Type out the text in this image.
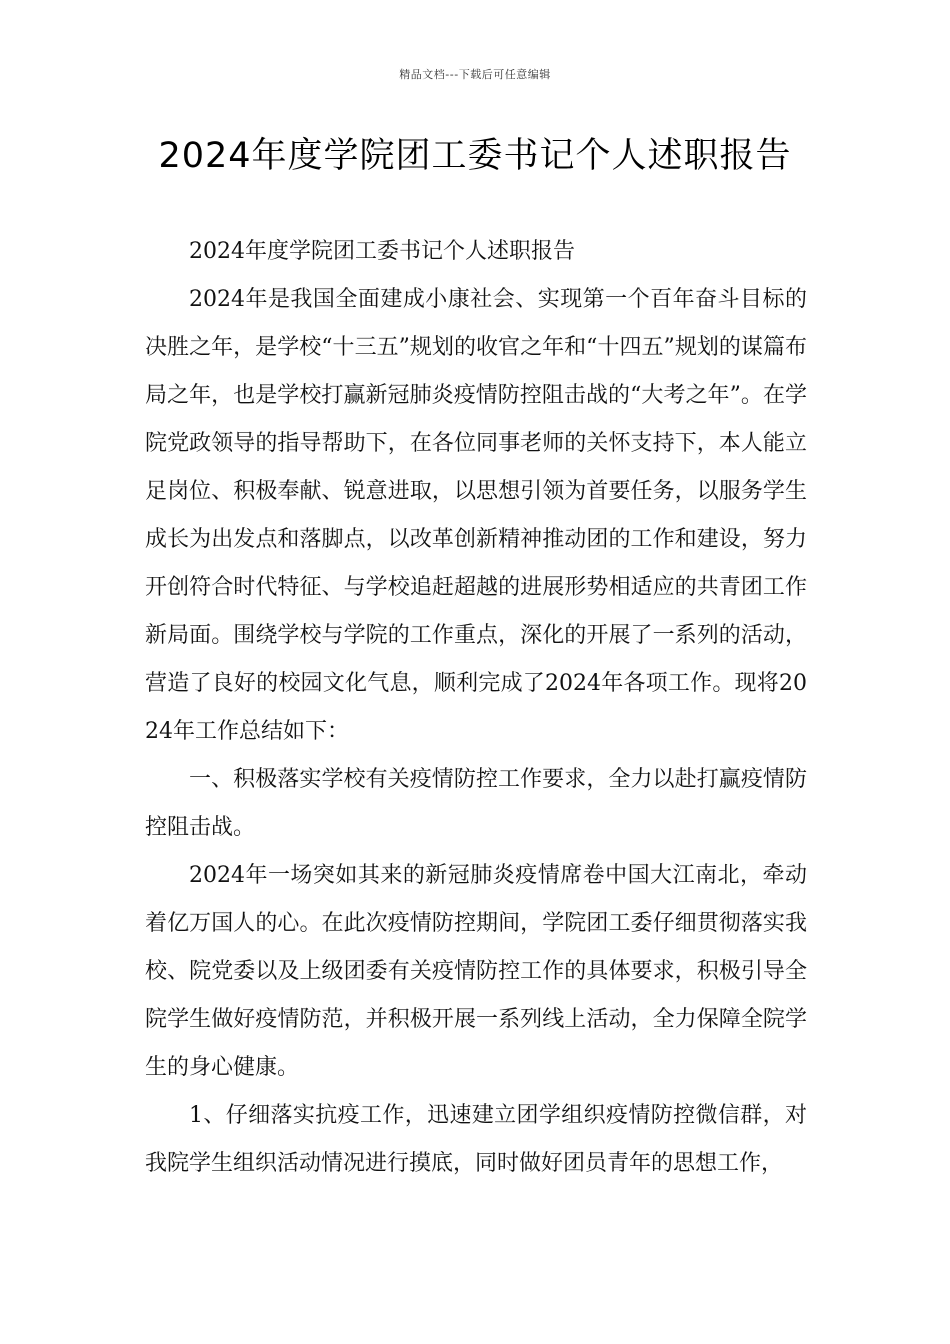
精品文档---下载后可任意编辑
2024年度学院团工委书记个人述职报告

2024年度学院团工委书记个人述职报告

2024年是我国全面建成小康社会、实现第一个百年奋斗目标的决胜之年，是学校“十三五”规划的收官之年和“十四五”规划的谋篇布局之年，也是学校打赢新冠肺炎疫情防控阻击战的“大考之年”。在学院党政领导的指导帮助下，在各位同事老师的关怀支持下，本人能立足岗位、积极奉献、锐意进取，以思想引领为首要任务，以服务学生成长为出发点和落脚点，以改革创新精神推动团的工作和建设，努力开创符合时代特征、与学校追赶超越的进展形势相适应的共青团工作新局面。围绕学校与学院的工作重点，深化的开展了一系列的活动，营造了良好的校园文化气息，顺利完成了2024年各项工作。现将2024年工作总结如下：

一、积极落实学校有关疫情防控工作要求，全力以赴打赢疫情防控阻击战。

2024年一场突如其来的新冠肺炎疫情席卷中国大江南北，牵动着亿万国人的心。在此次疫情防控期间，学院团工委仔细贯彻落实我校、院党委以及上级团委有关疫情防控工作的具体要求，积极引导全院学生做好疫情防范，并积极开展一系列线上活动，全力保障全院学生的身心健康。

1、仔细落实抗疫工作，迅速建立团学组织疫情防控微信群，对我院学生组织活动情况进行摸底，同时做好团员青年的思想工作，
